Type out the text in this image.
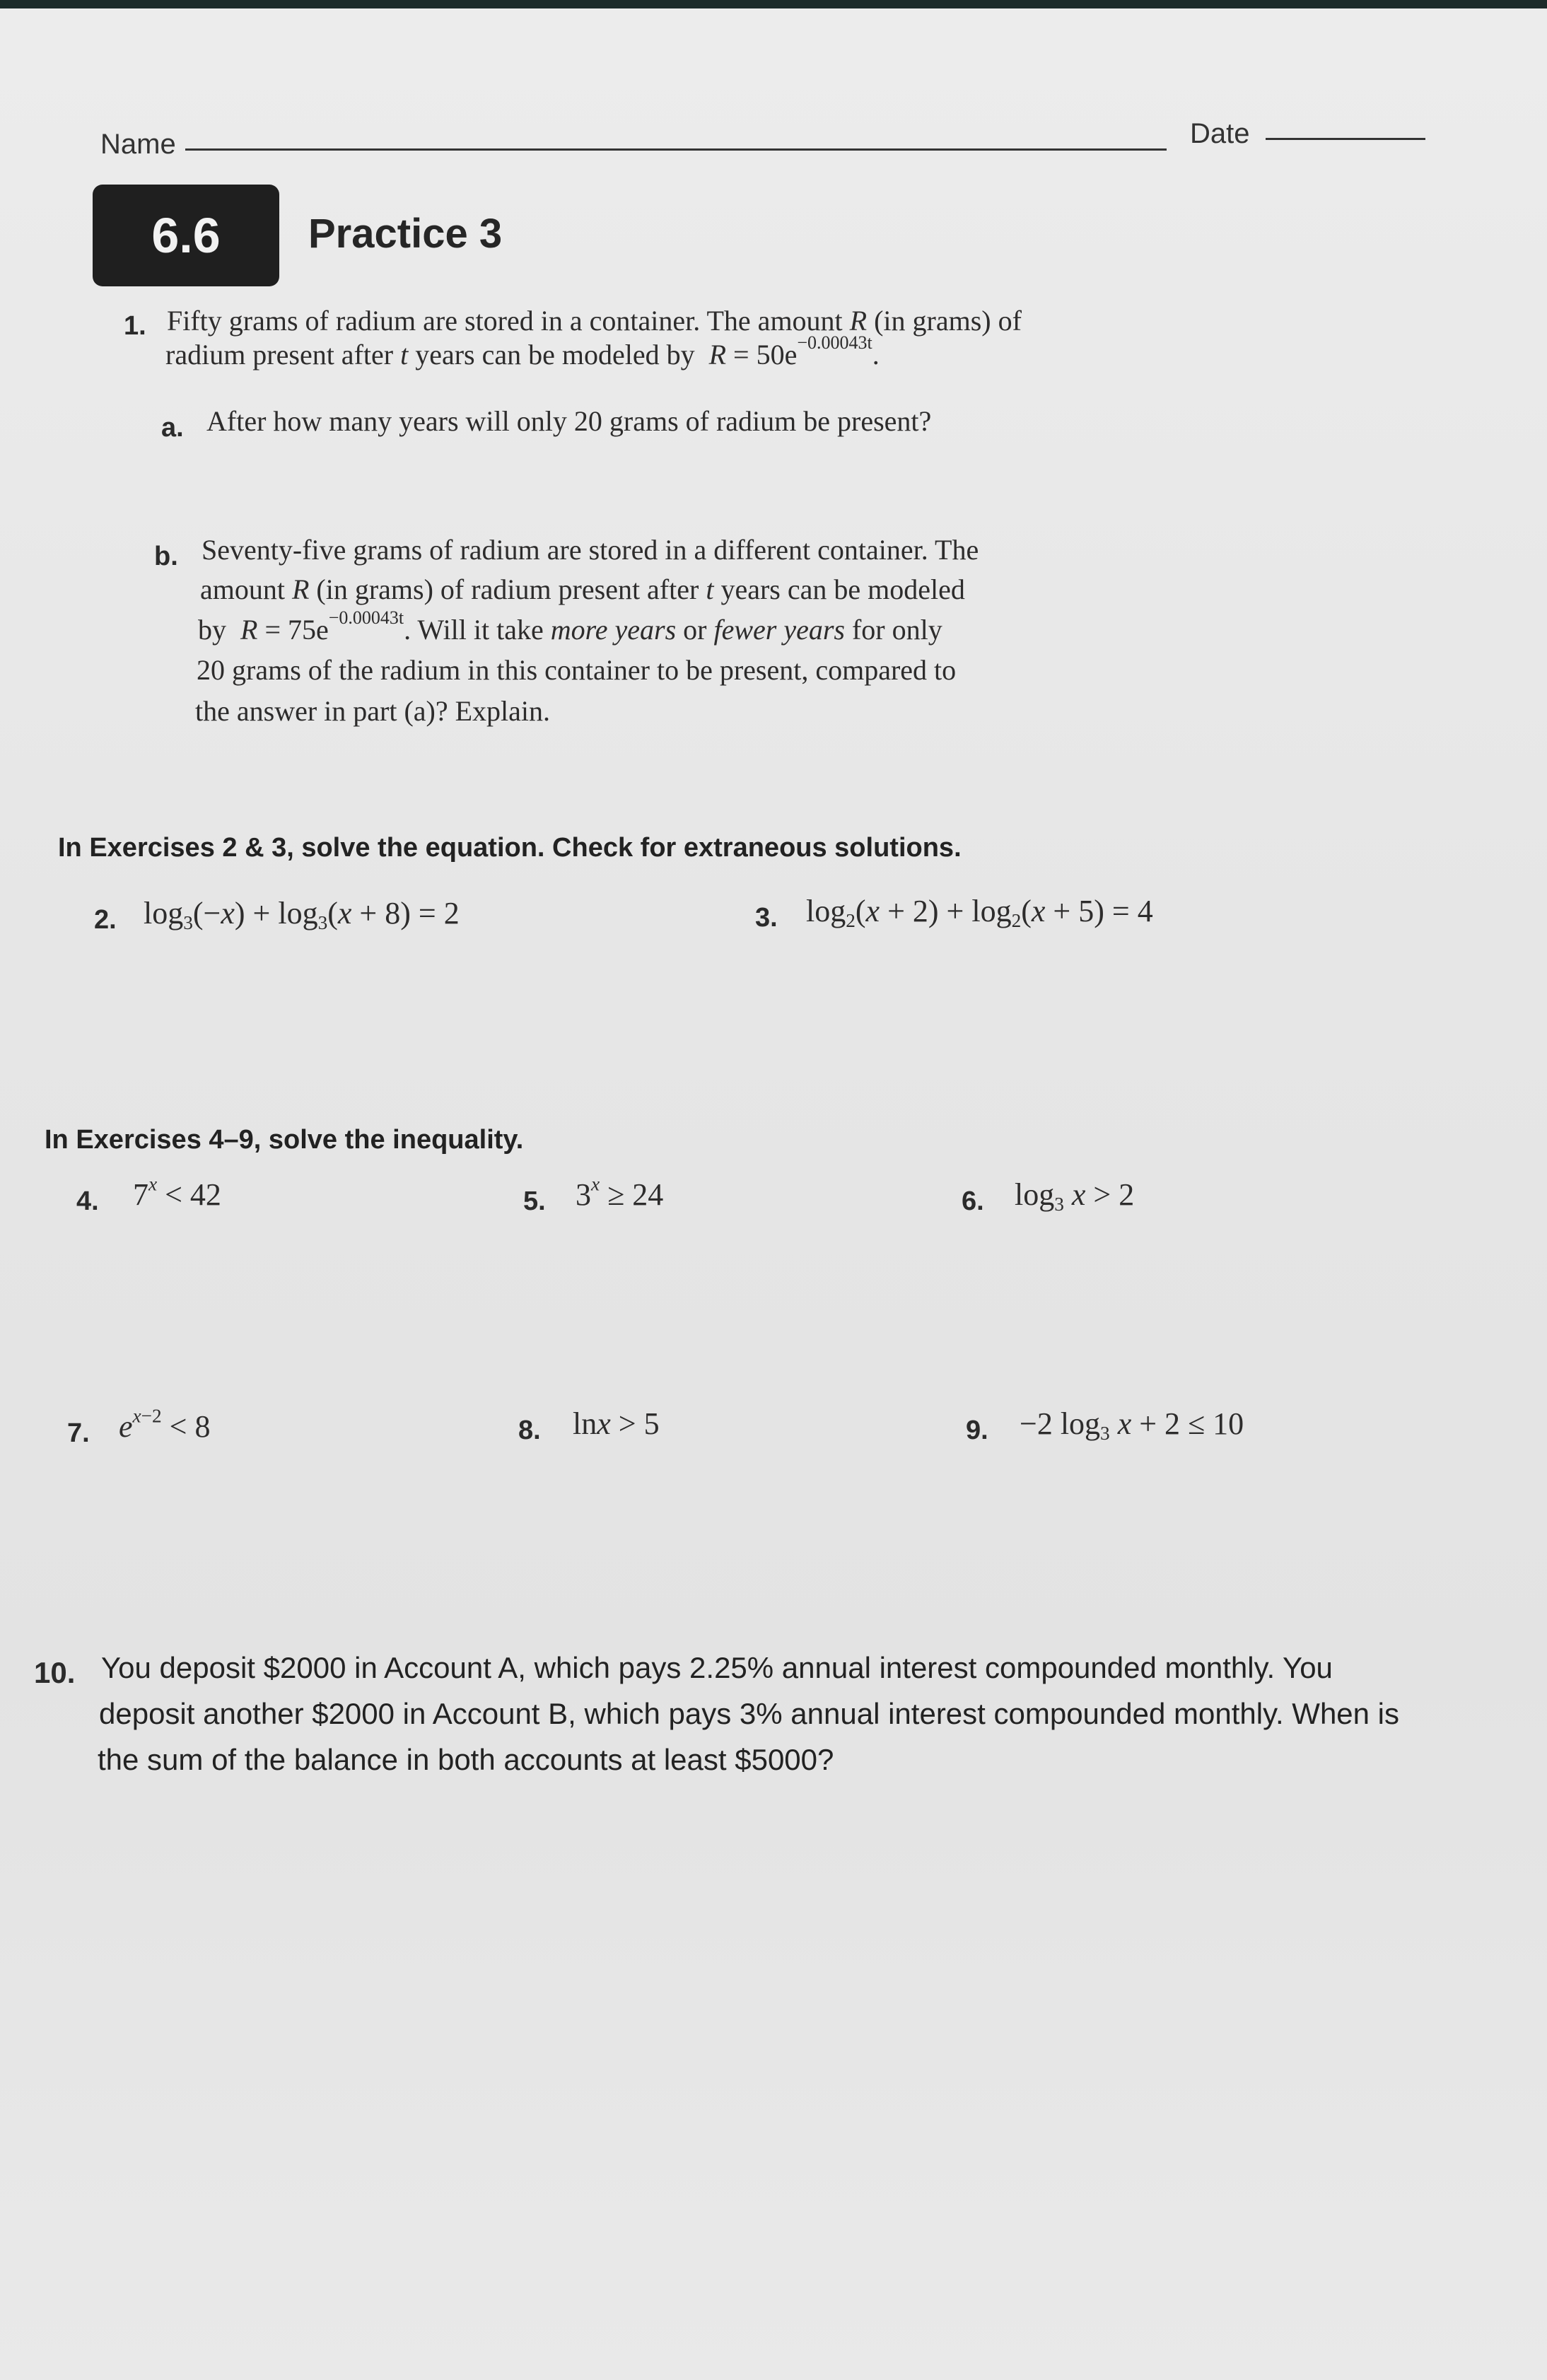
Name	Date
6.6	Practice 3
1. Fifty grams of radium are stored in a container. The amount R (in grams) of
radium present after t years can be modeled by $R = 50e^{-0.00043t}$.
a. After how many years will only 20 grams of radium be present?
b. Seventy-five grams of radium are stored in a different container. The
amount R (in grams) of radium present after t years can be modeled
by $R = 75e^{-0.00043t}$. Will it take more years or fewer years for only
20 grams of the radium in this container to be present, compared to
the answer in part (a)? Explain.
In Exercises 2 & 3, solve the equation. Check for extraneous solutions.
2. $\log_3(-x) + \log_3(x + 8) = 2$	3. $\log_2(x + 2) + \log_2(x + 5) = 4$
In Exercises 4–9, solve the inequality.
4. $7^x < 42$	5. $3^x \ge 24$	6. $\log_3 x > 2$
7. $e^{x-2} < 8$	8. lnx > 5	9. −2 $\log_3 x + 2 \le 10$
10. You deposit $2000 in Account A, which pays 2.25% annual interest compounded monthly. You
deposit another $2000 in Account B, which pays 3% annual interest compounded monthly. When is
the sum of the balance in both accounts at least $5000?
